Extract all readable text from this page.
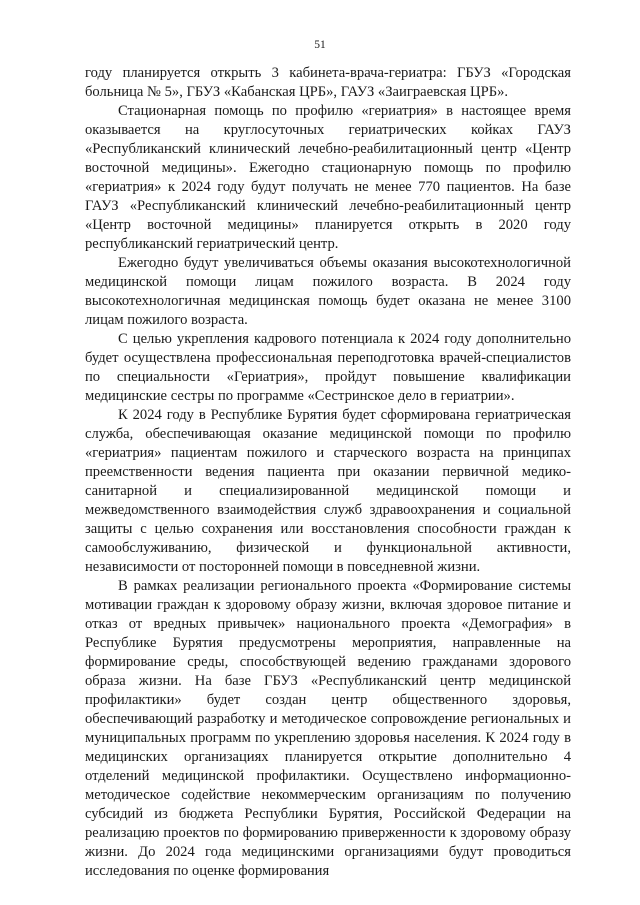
51

году планируется открыть 3 кабинета-врача-гериатра: ГБУЗ «Городская больница № 5», ГБУЗ «Кабанская ЦРБ», ГАУЗ «Заиграевская ЦРБ».

Стационарная помощь по профилю «гериатрия» в настоящее время оказывается на круглосуточных гериатрических койках ГАУЗ «Республиканский клинический лечебно-реабилитационный центр «Центр восточной медицины». Ежегодно стационарную помощь по профилю «гериатрия» к 2024 году будут получать не менее 770 пациентов. На базе ГАУЗ «Республиканский клинический лечебно-реабилитационный центр «Центр восточной медицины» планируется открыть в 2020 году республиканский гериатрический центр.

Ежегодно будут увеличиваться объемы оказания высокотехнологичной медицинской помощи лицам пожилого возраста. В 2024 году высокотехнологичная медицинская помощь будет оказана не менее 3100 лицам пожилого возраста.

С целью укрепления кадрового потенциала к 2024 году дополнительно будет осуществлена профессиональная переподготовка врачей-специалистов по специальности «Гериатрия», пройдут повышение квалификации медицинские сестры по программе «Сестринское дело в гериатрии».

К 2024 году в Республике Бурятия будет сформирована гериатрическая служба, обеспечивающая оказание медицинской помощи по профилю «гериатрия» пациентам пожилого и старческого возраста на принципах преемственности ведения пациента при оказании первичной медико-санитарной и специализированной медицинской помощи и межведомственного взаимодействия служб здравоохранения и социальной защиты с целью сохранения или восстановления способности граждан к самообслуживанию, физической и функциональной активности, независимости от посторонней помощи в повседневной жизни.

В рамках реализации регионального проекта «Формирование системы мотивации граждан к здоровому образу жизни, включая здоровое питание и отказ от вредных привычек» национального проекта «Демография» в Республике Бурятия предусмотрены мероприятия, направленные на формирование среды, способствующей ведению гражданами здорового образа жизни. На базе ГБУЗ «Республиканский центр медицинской профилактики» будет создан центр общественного здоровья, обеспечивающий разработку и методическое сопровождение региональных и муниципальных программ по укреплению здоровья населения. К 2024 году в медицинских организациях планируется открытие дополнительно 4 отделений медицинской профилактики. Осуществлено информационно-методическое содействие некоммерческим организациям по получению субсидий из бюджета Республики Бурятия, Российской Федерации на реализацию проектов по формированию приверженности к здоровому образу жизни. До 2024 года медицинскими организациями будут проводиться исследования по оценке формирования
